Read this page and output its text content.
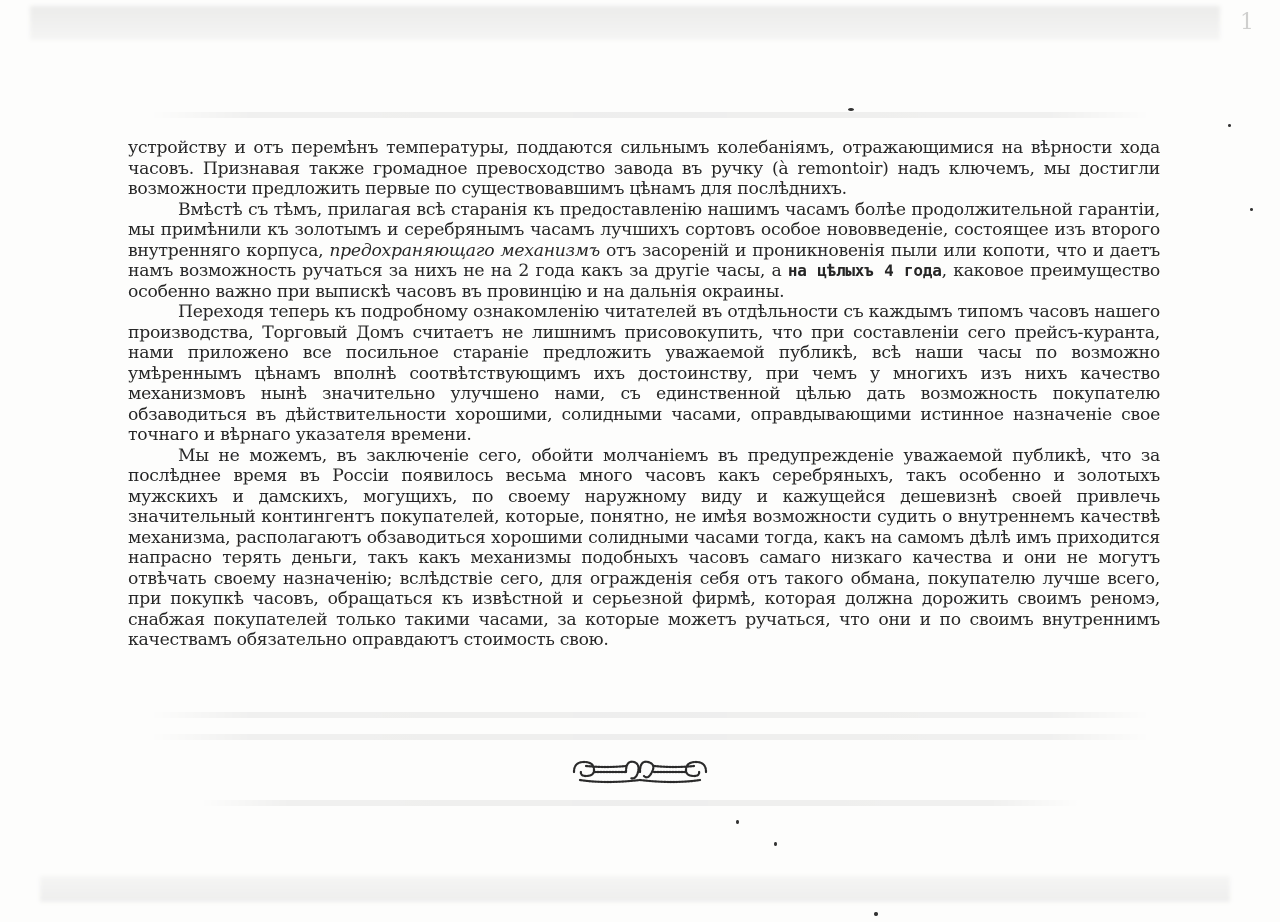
1

устройству и отъ перемѣнъ температуры, поддаются сильнымъ колебаніямъ, отражающимися на вѣрности хода часовъ. Признавая также громадное превосходство завода въ ручку (à remontoir) надъ ключемъ, мы достигли возможности предложить первые по существовавшимъ цѣнамъ для послѣднихъ.

Вмѣстѣ съ тѣмъ, прилагая всѣ старанія къ предоставленію нашимъ часамъ болѣе продолжительной гарантіи, мы примѣнили къ золотымъ и серебрянымъ часамъ лучшихъ сортовъ особое нововведеніе, состоящее изъ второго внутренняго корпуса, предохраняющаго механизмъ отъ засореній и проникновенія пыли или копоти, что и даетъ намъ возможность ручаться за нихъ не на 2 года какъ за другіе часы, а на цѣлыхъ 4 года, каковое преимущество особенно важно при выпискѣ часовъ въ провинцію и на дальнія окраины.

Переходя теперь къ подробному ознакомленію читателей въ отдѣльности съ каждымъ типомъ часовъ нашего производства, Торговый Домъ считаетъ не лишнимъ присовокупить, что при составленіи сего прейсъ-куранта, нами приложено все посильное стараніе предложить уважаемой публикѣ, всѣ наши часы по возможно умѣреннымъ цѣнамъ вполнѣ соотвѣтствующимъ ихъ достоинству, при чемъ у многихъ изъ нихъ качество механизмовъ нынѣ значительно улучшено нами, съ единственной цѣлью дать возможность покупателю обзаводиться въ дѣйствительности хорошими, солидными часами, оправдывающими истинное назначеніе свое точнаго и вѣрнаго указателя времени.

Мы не можемъ, въ заключеніе сего, обойти молчаніемъ въ предупрежденіе уважаемой публикѣ, что за послѣднее время въ Россіи появилось весьма много часовъ какъ серебряныхъ, такъ особенно и золотыхъ мужскихъ и дамскихъ, могущихъ, по своему наружному виду и кажущейся дешевизнѣ своей привлечь значительный контингентъ покупателей, которые, понятно, не имѣя возможности судить о внутреннемъ качествѣ механизма, располагаютъ обзаводиться хорошими солидными часами тогда, какъ на самомъ дѣлѣ имъ приходится напрасно терять деньги, такъ какъ механизмы подобныхъ часовъ самаго низкаго качества и они не могутъ отвѣчать своему назначенію; вслѣдствіе сего, для огражденія себя отъ такого обмана, покупателю лучше всего, при покупкѣ часовъ, обращаться къ извѣстной и серьезной фирмѣ, которая должна дорожить своимъ реномэ, снабжая покупателей только такими часами, за которые можетъ ручаться, что они и по своимъ внутреннимъ качествамъ обязательно оправдаютъ стоимость свою.
